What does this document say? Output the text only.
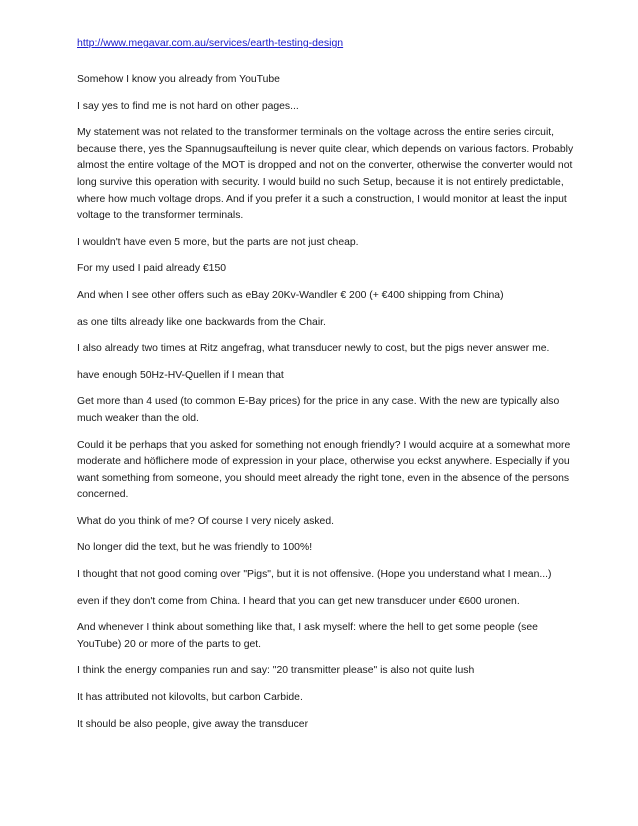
http://www.megavar.com.au/services/earth-testing-design

Somehow I know you already from YouTube

I say yes to find me is not hard on other pages...

My statement was not related to the transformer terminals on the voltage across the entire series circuit, because there, yes the Spannugsaufteilung is never quite clear, which depends on various factors. Probably almost the entire voltage of the MOT is dropped and not on the converter, otherwise the converter would not long survive this operation with security. I would build no such Setup, because it is not entirely predictable, where how much voltage drops. And if you prefer it a such a construction, I would monitor at least the input voltage to the transformer terminals.

I wouldn't have even 5 more, but the parts are not just cheap.

For my used I paid already €150

And when I see other offers such as eBay 20Kv-Wandler € 200 (+ €400 shipping from China)

as one tilts already like one backwards from the Chair.

I also already two times at Ritz angefrag, what transducer newly to cost, but the pigs never answer me.

have enough 50Hz-HV-Quellen if I mean that

Get more than 4 used (to common E-Bay prices) for the price in any case. With the new are typically also much weaker than the old.

Could it be perhaps that you asked for something not enough friendly? I would acquire at a somewhat more moderate and höflichere mode of expression in your place, otherwise you eckst anywhere. Especially if you want something from someone, you should meet already the right tone, even in the absence of the persons concerned.

What do you think of me? Of course I very nicely asked.

No longer did the text, but he was friendly to 100%!

I thought that not good coming over "Pigs", but it is not offensive. (Hope you understand what I mean...)

even if they don't come from China. I heard that you can get new transducer under €600 uronen.

And whenever I think about something like that, I ask myself: where the hell to get some people (see YouTube) 20 or more of the parts to get.

I think the energy companies run and say: "20 transmitter please" is also not quite lush

It has attributed not kilovolts, but carbon Carbide.

It should be also people, give away the transducer
